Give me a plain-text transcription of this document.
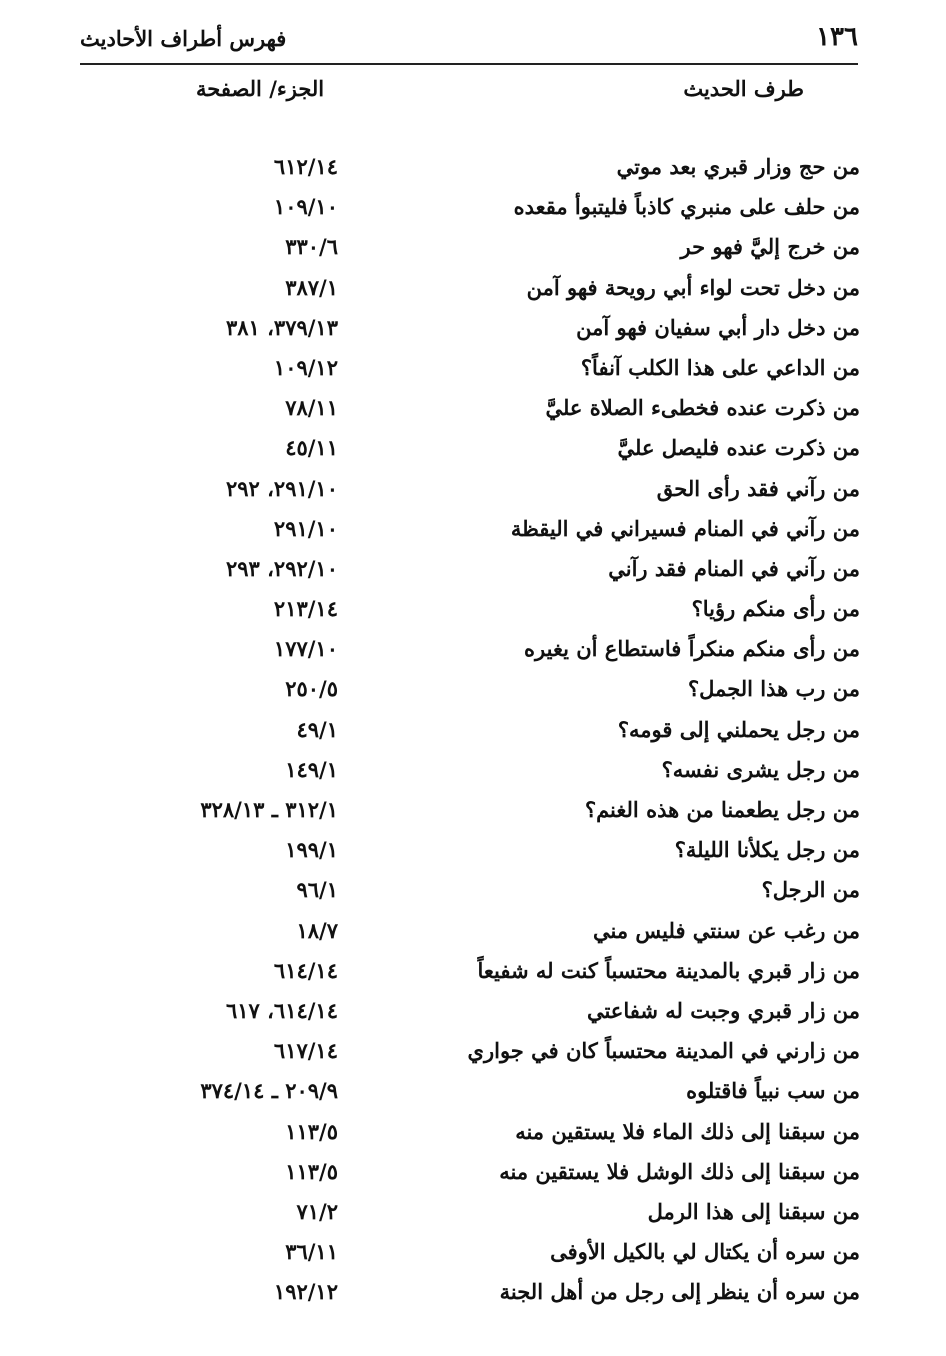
١٣٦
فهرس أطراف الأحاديث
طرف الحديث
الجزء/ الصفحة
من حج وزار قبري بعد موتي
٦١٢/١٤
من حلف على منبري كاذباً فليتبوأ مقعده
١٠٩/١٠
من خرج إليَّ فهو حر
٣٣٠/٦
من دخل تحت لواء أبي رويحة فهو آمن
٣٨٧/١
من دخل دار أبي سفيان فهو آمن
٣٧٩/١٣، ٣٨١
من الداعي على هذا الكلب آنفاً؟
١٠٩/١٢
من ذكرت عنده فخطىء الصلاة عليَّ
٧٨/١١
من ذكرت عنده فليصل عليَّ
٤٥/١١
من رآني فقد رأى الحق
٢٩١/١٠، ٢٩٢
من رآني في المنام فسيراني في اليقظة
٢٩١/١٠
من رآني في المنام فقد رآني
٢٩٢/١٠، ٢٩٣
من رأى منكم رؤيا؟
٢١٣/١٤
من رأى منكم منكراً فاستطاع أن يغيره
١٧٧/١٠
من رب هذا الجمل؟
٢٥٠/٥
من رجل يحملني إلى قومه؟
٤٩/١
من رجل يشرى نفسه؟
١٤٩/١
من رجل يطعمنا من هذه الغنم؟
٣١٢/١ ـ ٣٢٨/١٣
من رجل يكلأنا الليلة؟
١٩٩/١
من الرجل؟
٩٦/١
من رغب عن سنتي فليس مني
١٨/٧
من زار قبري بالمدينة محتسباً كنت له شفيعاً
٦١٤/١٤
من زار قبري وجبت له شفاعتي
٦١٤/١٤، ٦١٧
من زارني في المدينة محتسباً كان في جواري
٦١٧/١٤
من سب نبياً فاقتلوه
٢٠٩/٩ ـ ٣٧٤/١٤
من سبقنا إلى ذلك الماء فلا يستقين منه
١١٣/٥
من سبقنا إلى ذلك الوشل فلا يستقين منه
١١٣/٥
من سبقنا إلى هذا الرمل
٧١/٢
من سره أن يكتال لي بالكيل الأوفى
٣٦/١١
من سره أن ينظر إلى رجل من أهل الجنة
١٩٢/١٢
